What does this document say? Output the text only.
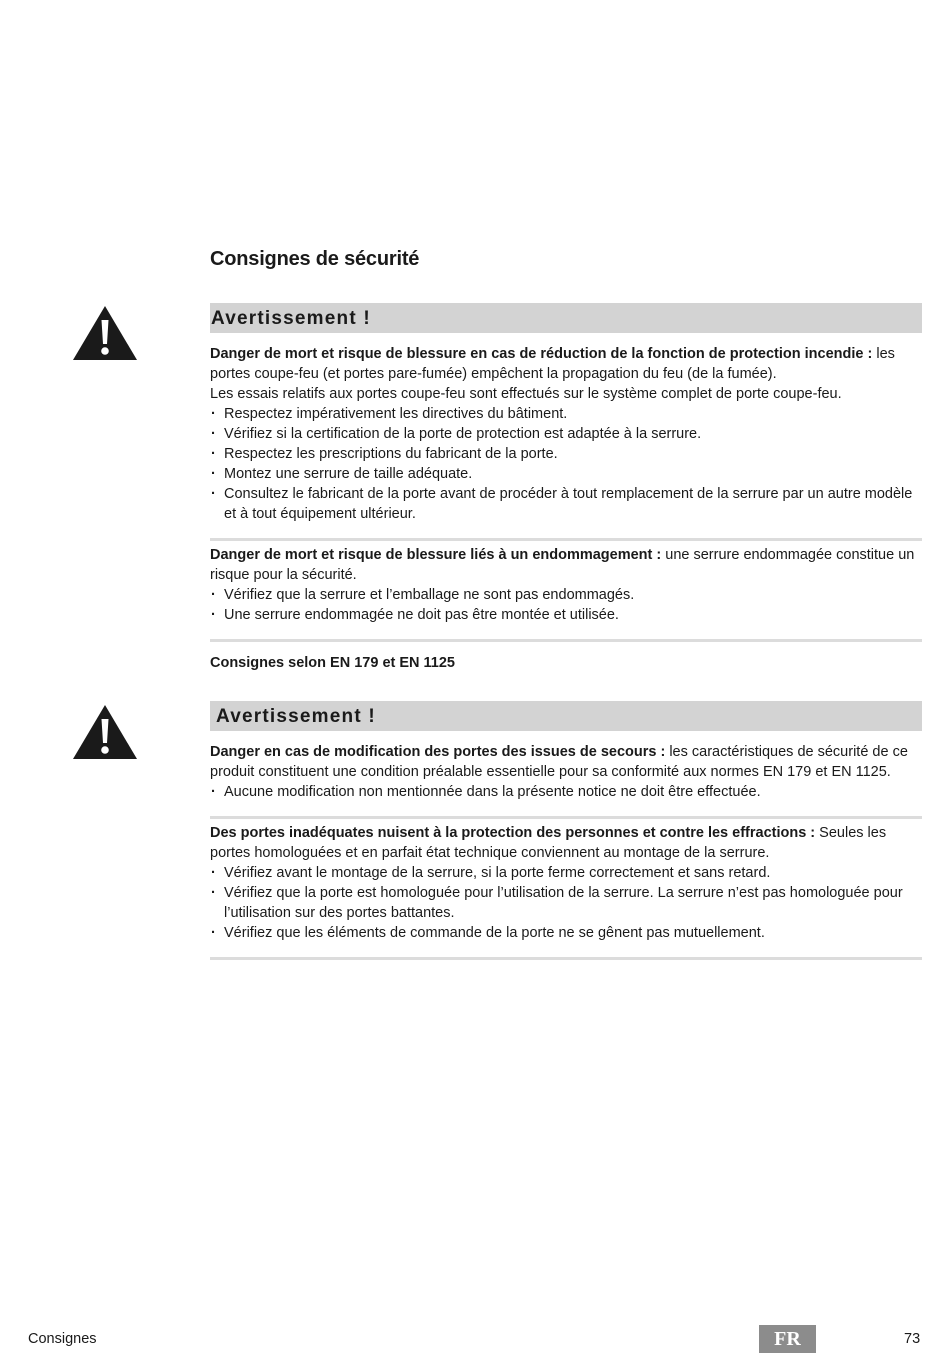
Consignes de sécurité
Avertissement !

Danger de mort et risque de blessure en cas de réduction de la fonction de protection incendie : les portes coupe-feu (et portes pare-fumée) empêchent la propagation du feu (de la fumée).

Les essais relatifs aux portes coupe-feu sont effectués sur le système complet de porte coupe-feu.

· Respectez impérativement les directives du bâtiment.
· Vérifiez si la certification de la porte de protection est adaptée à la serrure.
· Respectez les prescriptions du fabricant de la porte.
· Montez une serrure de taille adéquate.
· Consultez le fabricant de la porte avant de procéder à tout remplacement de la serrure par un autre modèle et à tout équipement ultérieur.

Danger de mort et risque de blessure liés à un endommagement : une serrure endommagée constitue un risque pour la sécurité.

· Vérifiez que la serrure et l’emballage ne sont pas endommagés.
· Une serrure endommagée ne doit pas être montée et utilisée.
Consignes selon EN 179 et EN 1125
Avertissement !

Danger en cas de modification des portes des issues de secours : les caractéristiques de sécurité de ce produit constituent une condition préalable essentielle pour sa conformité aux normes EN 179 et EN 1125.

· Aucune modification non mentionnée dans la présente notice ne doit être effectuée.

Des portes inadéquates nuisent à la protection des personnes et contre les effractions : Seules les portes homologuées et en parfait état technique conviennent au montage de la serrure.

· Vérifiez avant le montage de la serrure, si la porte ferme correctement et sans retard.
· Vérifiez que la porte est homologuée pour l’utilisation de la serrure. La serrure n’est pas homologuée pour l’utilisation sur des portes battantes.
· Vérifiez que les éléments de commande de la porte ne se gênent pas mutuellement.
Consignes	FR	73
